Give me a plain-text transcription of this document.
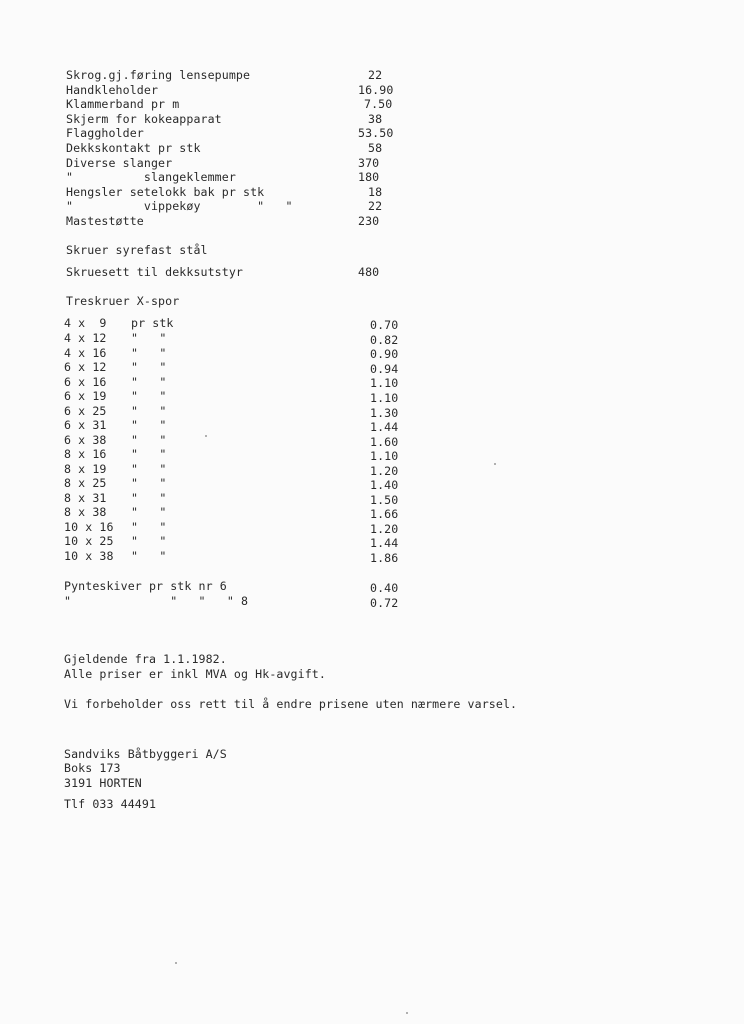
Skrog.gj.føring lensepumpe	22
Handkleholder	16.90
Klammerband pr m	7.50
Skjerm for kokeapparat	38
Flaggholder	53.50
Dekkskontakt pr stk	58
Diverse slanger	370
"          slangeklemmer	180
Hengsler setelokk bak pr stk	18
"          vippekøy        "   "	22
Mastestøtte	230
Skruer syrefast stål
Skruesett til dekksutstyr	480
Treskruer X-spor
4 x  9 pr stk	0.70
4 x 12 "   "	0.82
4 x 16 "   "	0.90
6 x 12 "   "	0.94
6 x 16 "   "	1.10
6 x 19 "   "	1.10
6 x 25 "   "	1.30
6 x 31 "   "	1.44
6 x 38 "   "	1.60
8 x 16 "   "	1.10
8 x 19 "   "	1.20
8 x 25 "   "	1.40
8 x 31 "   "	1.50
8 x 38 "   "	1.66
10 x 16 "   "	1.20
10 x 25 "   "	1.44
10 x 38 "   "	1.86
Pynteskiver pr stk nr 6	0.40
"              "   "   " 8	0.72
Gjeldende fra 1.1.1982.
Alle priser er inkl MVA og Hk-avgift.
Vi forbeholder oss rett til å endre prisene uten nærmere varsel.
Sandviks Båtbyggeri A/S
Boks 173
3191 HORTEN
Tlf 033 44491
